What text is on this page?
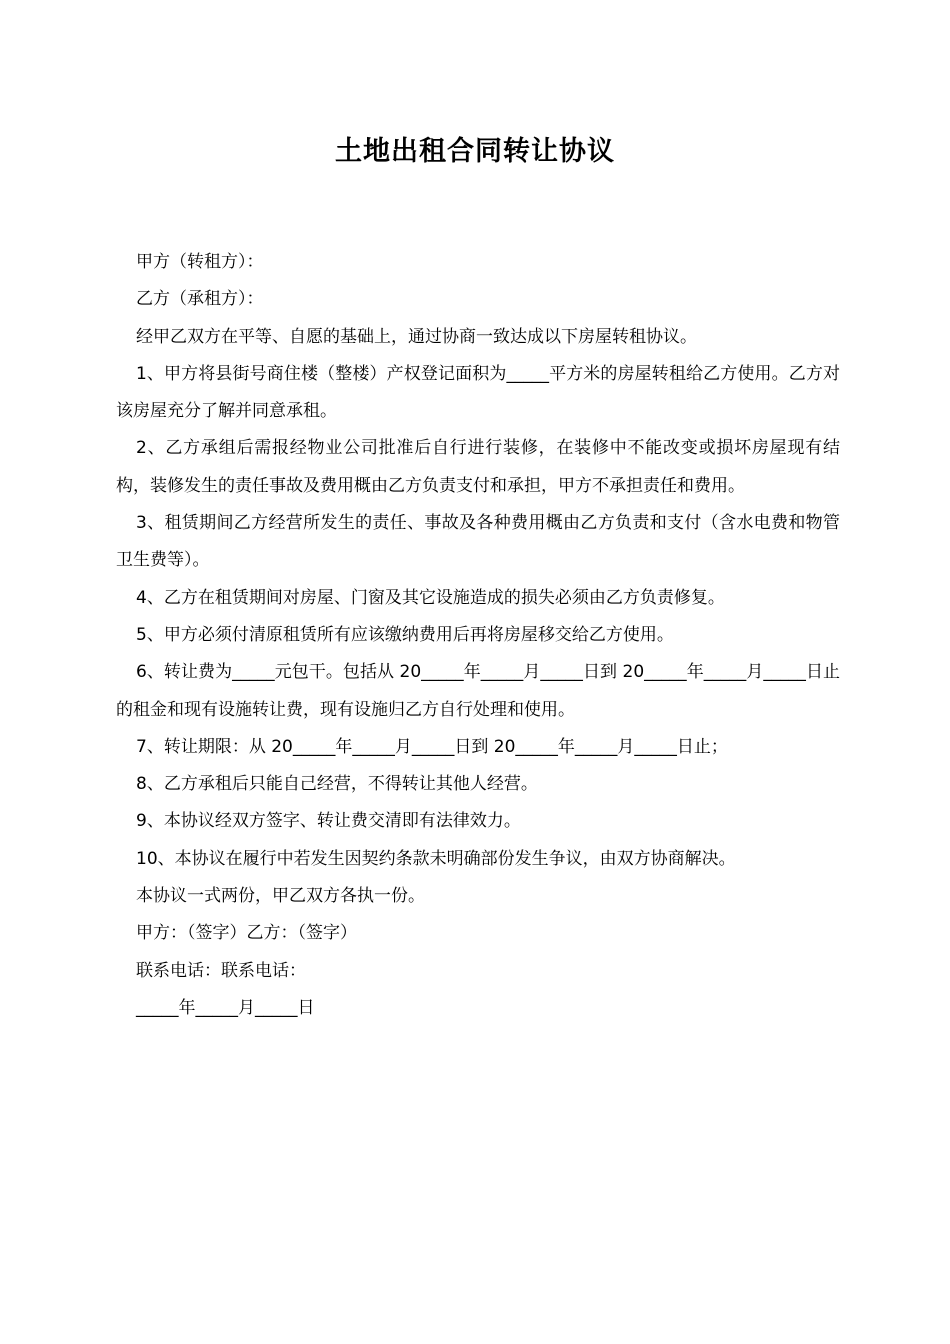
土地出租合同转让协议

甲方（转租方）：

乙方（承租方）：

经甲乙双方在平等、自愿的基础上，通过协商一致达成以下房屋转租协议。

1、甲方将县街号商住楼（整楼）产权登记面积为_____平方米的房屋转租给乙方使用。乙方对该房屋充分了解并同意承租。

2、乙方承组后需报经物业公司批准后自行进行装修，在装修中不能改变或损坏房屋现有结构，装修发生的责任事故及费用概由乙方负责支付和承担，甲方不承担责任和费用。

3、租赁期间乙方经营所发生的责任、事故及各种费用概由乙方负责和支付（含水电费和物管卫生费等）。

4、乙方在租赁期间对房屋、门窗及其它设施造成的损失必须由乙方负责修复。

5、甲方必须付清原租赁所有应该缴纳费用后再将房屋移交给乙方使用。

6、转让费为_____元包干。包括从 20_____年_____月_____日到 20_____年_____月_____日止的租金和现有设施转让费，现有设施归乙方自行处理和使用。

7、转让期限：从 20_____年_____月_____日到 20_____年_____月_____日止；

8、乙方承租后只能自己经营，不得转让其他人经营。

9、本协议经双方签字、转让费交清即有法律效力。

10、本协议在履行中若发生因契约条款未明确部份发生争议，由双方协商解决。

本协议一式两份，甲乙双方各执一份。

甲方：（签字）乙方：（签字）

联系电话：联系电话：

_____年_____月_____日
